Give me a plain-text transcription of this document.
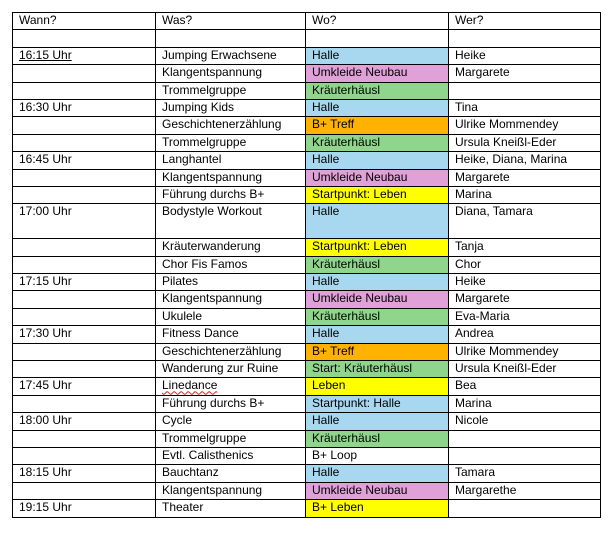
Wann?	Was?	Wo?	Wer?

16:15 Uhr	Jumping Erwachsene	Halle	Heike
	Klangentspannung	Umkleide Neubau	Margarete
	Trommelgruppe	Kräuterhäusl	
16:30 Uhr	Jumping Kids	Halle	Tina
	Geschichtenerzählung	B+ Treff	Ulrike Mommendey
	Trommelgruppe	Kräuterhäusl	Ursula Kneißl-Eder
16:45 Uhr	Langhantel	Halle	Heike, Diana, Marina
	Klangentspannung	Umkleide Neubau	Margarete
	Führung durchs B+	Startpunkt: Leben	Marina
17:00 Uhr	Bodystyle Workout	Halle	Diana, Tamara
	Kräuterwanderung	Startpunkt: Leben	Tanja
	Chor Fis Famos	Kräuterhäusl	Chor
17:15 Uhr	Pilates	Halle	Heike
	Klangentspannung	Umkleide Neubau	Margarete
	Ukulele	Kräuterhäusl	Eva-Maria
17:30 Uhr	Fitness Dance	Halle	Andrea
	Geschichtenerzählung	B+ Treff	Ulrike Mommendey
	Wanderung zur Ruine	Start: Kräuterhäusl	Ursula Kneißl-Eder
17:45 Uhr	Linedance	Leben	Bea
	Führung durchs B+	Startpunkt: Halle	Marina
18:00 Uhr	Cycle	Halle	Nicole
	Trommelgruppe	Kräuterhäusl	
	Evtl. Calisthenics	B+ Loop	
18:15 Uhr	Bauchtanz	Halle	Tamara
	Klangentspannung	Umkleide Neubau	Margarethe
19:15 Uhr	Theater	B+ Leben	
